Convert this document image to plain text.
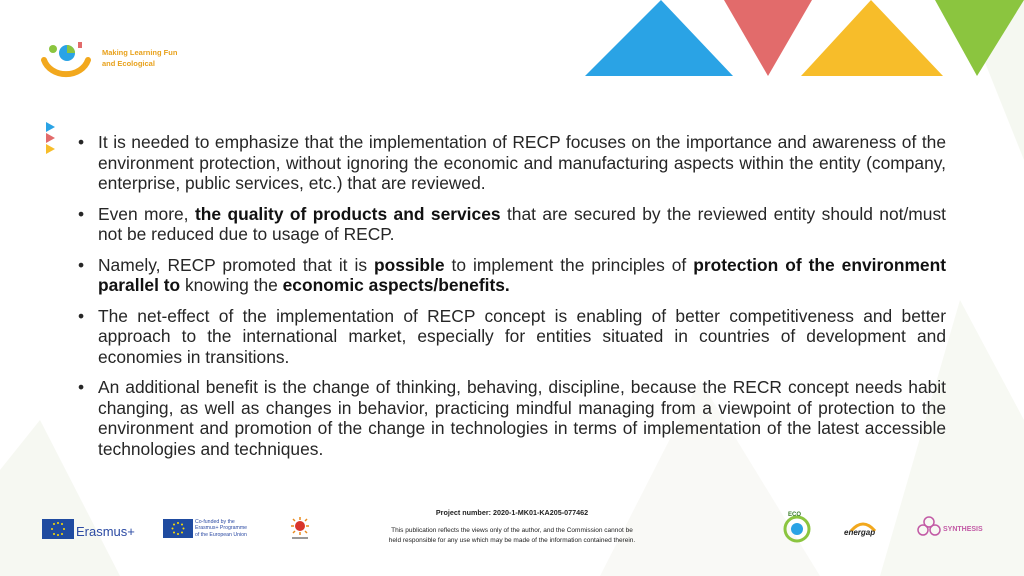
Making Learning Fun
and Ecological
• It is needed to emphasize that the implementation of RECP focuses on the importance and awareness of the environment protection, without ignoring the economic and manufacturing aspects within the entity (company, enterprise, public services, etc.) that are reviewed.
• Even more, the quality of products and services that are secured by the reviewed entity should not/must not be reduced due to usage of RECP.
• Namely, RECP promoted that it is possible to implement the principles of protection of the environment parallel to knowing the economic aspects/benefits.
• The net-effect of the implementation of RECP concept is enabling of better competitiveness and better approach to the international market, especially for entities situated in countries of development and economies in transitions.
• An additional benefit is the change of thinking, behaving, discipline, because the RECR concept needs habit changing, as well as changes in behavior, practicing mindful managing from a viewpoint of protection to the environment and promotion of the change in technologies in terms of implementation of the latest accessible technologies and techniques.
Erasmus+
Co-funded by the
Erasmus+ Programme
of the European Union
Project number: 2020-1-MK01-KA205-077462
This publication reflects the views only of the author, and the Commission cannot be
held responsible for any use which may be made of the information contained therein.
ECO
energap	SYNTHESIS
